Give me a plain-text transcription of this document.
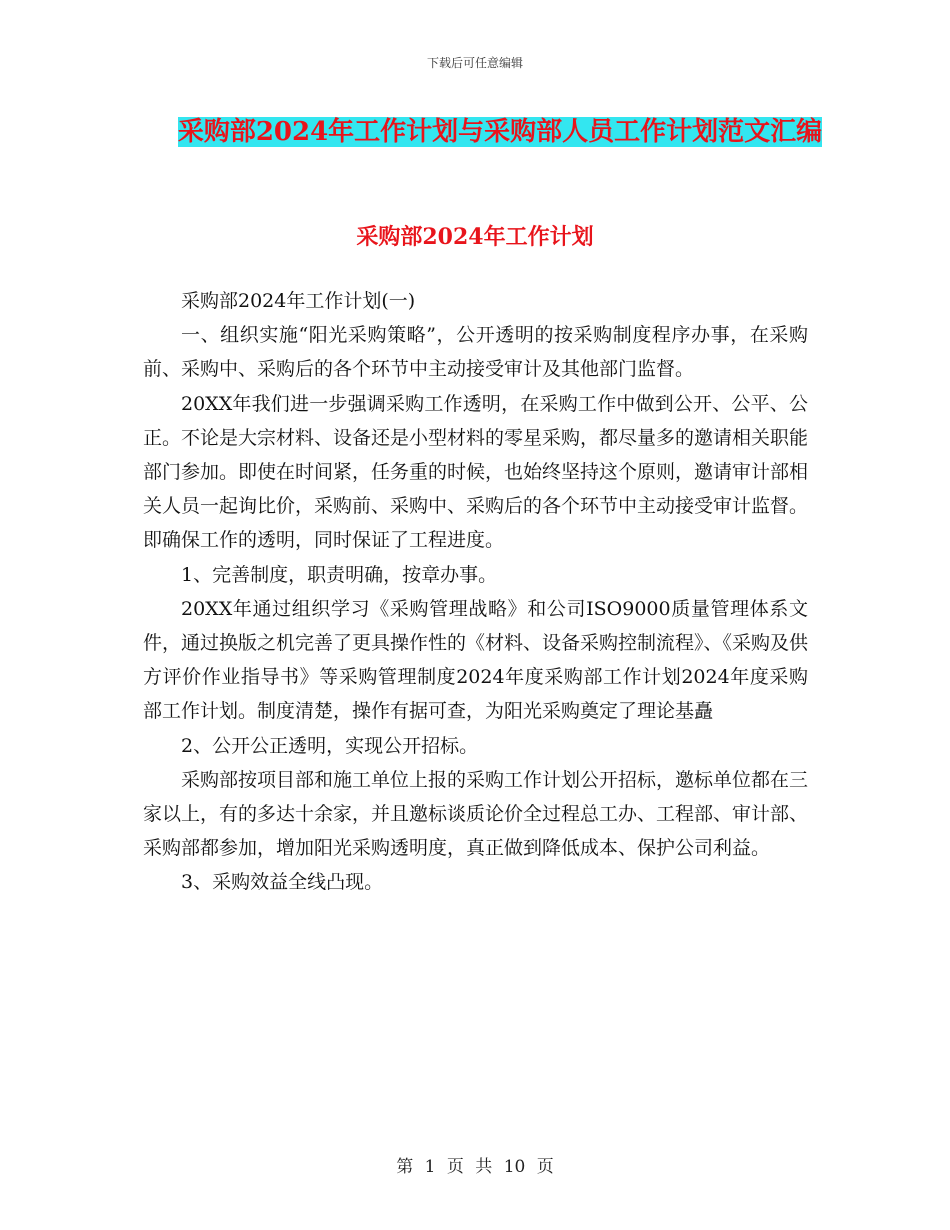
下载后可任意编辑
采购部2024年工作计划与采购部人员工作计划范文汇编
采购部2024年工作计划

采购部2024年工作计划(一)

一、组织实施“阳光采购策略”，公开透明的按采购制度程序办事，在采购前、采购中、采购后的各个环节中主动接受审计及其他部门监督。

20XX年我们进一步强调采购工作透明，在采购工作中做到公开、公平、公正。不论是大宗材料、设备还是小型材料的零星采购，都尽量多的邀请相关职能部门参加。即使在时间紧，任务重的时候，也始终坚持这个原则，邀请审计部相关人员一起询比价，采购前、采购中、采购后的各个环节中主动接受审计监督。即确保工作的透明，同时保证了工程进度。

1、完善制度，职责明确，按章办事。

20XX年通过组织学习《采购管理战略》和公司ISO9000质量管理体系文件，通过换版之机完善了更具操作性的《材料、设备采购控制流程》、《采购及供方评价作业指导书》等采购管理制度2024年度采购部工作计划2024年度采购部工作计划。制度清楚，操作有据可查，为阳光采购奠定了理论基矗

2、公开公正透明，实现公开招标。

采购部按项目部和施工单位上报的采购工作计划公开招标，邀标单位都在三家以上，有的多达十余家，并且邀标谈质论价全过程总工办、工程部、审计部、采购部都参加，增加阳光采购透明度，真正做到降低成本、保护公司利益。

3、采购效益全线凸现。

第 1 页 共 10 页
